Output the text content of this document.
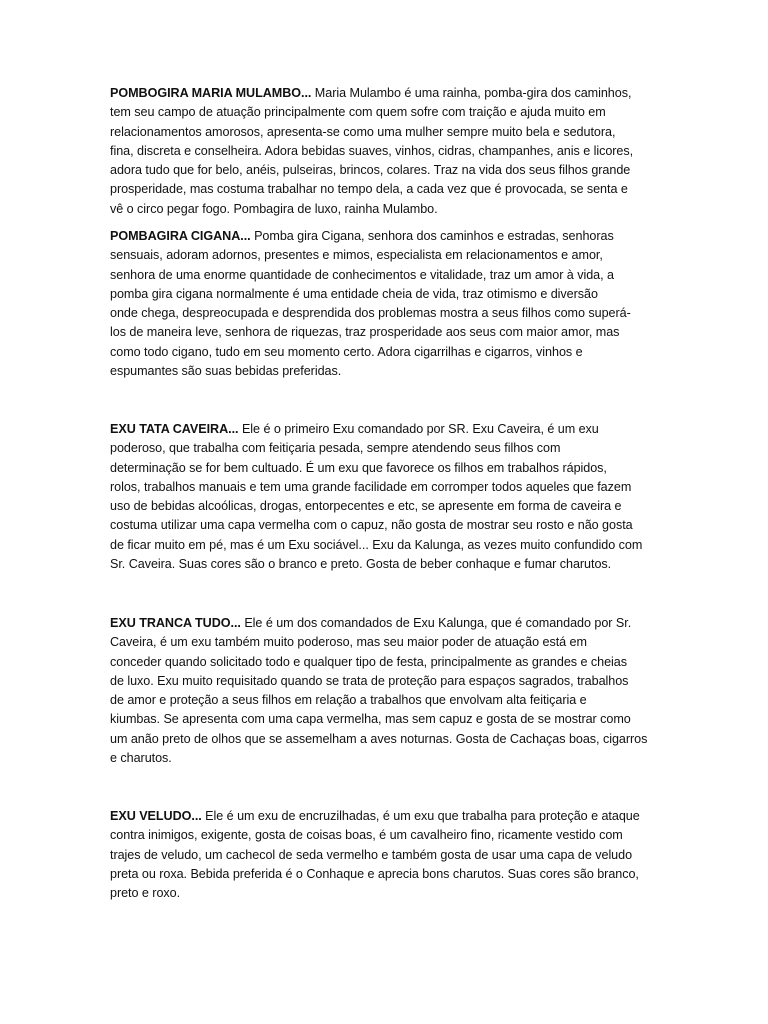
POMBOGIRA MARIA MULAMBO... Maria Mulambo é uma rainha, pomba-gira dos caminhos,
tem seu campo de atuação principalmente com quem sofre com traição e ajuda muito em
relacionamentos amorosos, apresenta-se como uma mulher sempre muito bela e sedutora,
fina, discreta e conselheira. Adora bebidas suaves, vinhos, cidras, champanhes, anis e licores,
adora tudo que for belo, anéis, pulseiras, brincos, colares. Traz na vida dos seus filhos grande
prosperidade, mas costuma trabalhar no tempo dela, a cada vez que é provocada, se senta e
vê o circo pegar fogo. Pombagira de luxo, rainha Mulambo.
POMBAGIRA CIGANA... Pomba gira Cigana, senhora dos caminhos e estradas, senhoras
sensuais, adoram adornos, presentes e mimos, especialista em relacionamentos e amor,
senhora de uma enorme quantidade de conhecimentos e vitalidade, traz um amor à vida, a
pomba gira cigana normalmente é uma entidade cheia de vida, traz otimismo e diversão
onde chega, despreocupada e desprendida dos problemas mostra a seus filhos como superá-
los de maneira leve, senhora de riquezas, traz prosperidade aos seus com maior amor, mas
como todo cigano, tudo em seu momento certo. Adora cigarrilhas e cigarros, vinhos e
espumantes são suas bebidas preferidas.
EXU TATA CAVEIRA... Ele é o primeiro Exu comandado por SR. Exu Caveira, é um exu
poderoso, que trabalha com feitiçaria pesada, sempre atendendo seus filhos com
determinação se for bem cultuado. É um exu que favorece os filhos em trabalhos rápidos,
rolos, trabalhos manuais e tem uma grande facilidade em corromper todos aqueles que fazem
uso de bebidas alcoólicas, drogas, entorpecentes e etc, se apresente em forma de caveira e
costuma utilizar uma capa vermelha com o capuz, não gosta de mostrar seu rosto e não gosta
de ficar muito em pé, mas é um Exu sociável... Exu da Kalunga, as vezes muito confundido com
Sr. Caveira. Suas cores são o branco e preto. Gosta de beber conhaque e fumar charutos.
EXU TRANCA TUDO... Ele é um dos comandados de Exu Kalunga, que é comandado por Sr.
Caveira, é um exu também muito poderoso, mas seu maior poder de atuação está em
conceder quando solicitado todo e qualquer tipo de festa, principalmente as grandes e cheias
de luxo. Exu muito requisitado quando se trata de proteção para espaços sagrados, trabalhos
de amor e proteção a seus filhos em relação a trabalhos que envolvam alta feitiçaria e
kiumbas. Se apresenta com uma capa vermelha, mas sem capuz e gosta de se mostrar como
um anão preto de olhos que se assemelham a aves noturnas. Gosta de Cachaças boas, cigarros
e charutos.
EXU VELUDO... Ele é um exu de encruzilhadas, é um exu que trabalha para proteção e ataque
contra inimigos, exigente, gosta de coisas boas, é um cavalheiro fino, ricamente vestido com
trajes de veludo, um cachecol de seda vermelho e também gosta de usar uma capa de veludo
preta ou roxa. Bebida preferida é o Conhaque e aprecia bons charutos. Suas cores são branco,
preto e roxo.
